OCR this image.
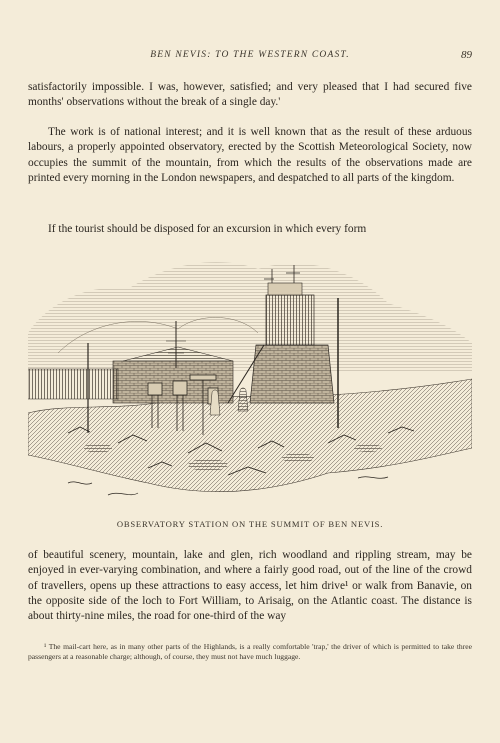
BEN NEVIS: TO THE WESTERN COAST.	89

satisfactorily impossible. I was, however, satisfied; and very pleased that I had secured five months' observations without the break of a single day.'

The work is of national interest; and it is well known that as the result of these arduous labours, a properly appointed observatory, erected by the Scottish Meteorological Society, now occupies the summit of the mountain, from which the results of the observations made are printed every morning in the London newspapers, and despatched to all parts of the kingdom.

If the tourist should be disposed for an excursion in which every form

OBSERVATORY STATION ON THE SUMMIT OF BEN NEVIS.

of beautiful scenery, mountain, lake and glen, rich woodland and rippling stream, may be enjoyed in ever-varying combination, and where a fairly good road, out of the line of the crowd of travellers, opens up these attractions to easy access, let him drive¹ or walk from Banavie, on the opposite side of the loch to Fort William, to Arisaig, on the Atlantic coast. The distance is about thirty-nine miles, the road for one-third of the way

¹ The mail-cart here, as in many other parts of the Highlands, is a really comfortable 'trap,' the driver of which is permitted to take three passengers at a reasonable charge; although, of course, they must not have much luggage.
